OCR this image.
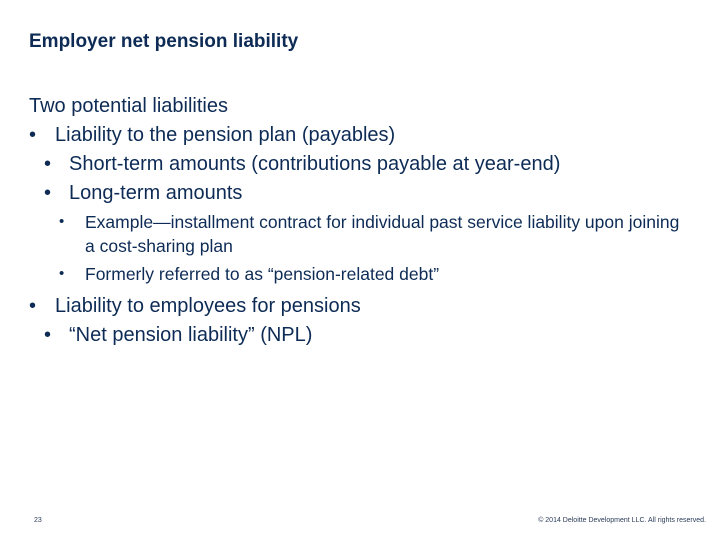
Employer net pension liability
Two potential liabilities
• Liability to the pension plan (payables)
• Short-term amounts (contributions payable at year-end)
• Long-term amounts
• Example—installment contract for individual past service liability upon joining a cost-sharing plan
• Formerly referred to as “pension-related debt”
• Liability to employees for pensions
• “Net pension liability” (NPL)
23	© 2014 Deloitte Development LLC. All rights reserved.
